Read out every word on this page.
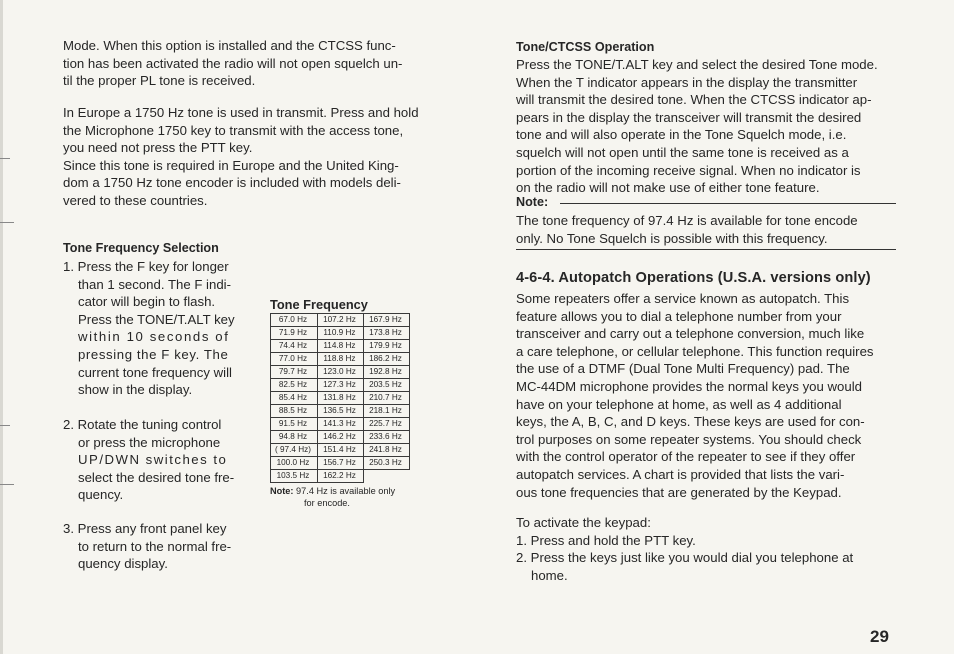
Mode. When this option is installed and the CTCSS func-
tion has been activated the radio will not open squelch un-
til the proper PL tone is received.
In Europe a 1750 Hz tone is used in transmit. Press and hold
the Microphone 1750 key to transmit with the access tone,
you need not press the PTT key.
Since this tone is required in Europe and the United King-
dom a 1750 Hz tone encoder is included with models deli-
vered to these countries.
Tone Frequency Selection
1. Press the F key for longer
than 1 second. The F indi-
cator will begin to flash.
Press the TONE/T.ALT key
within 10 seconds of
pressing the F key. The
current tone frequency will
show in the display.
2. Rotate the tuning control
or press the microphone
UP/DWN switches to
select the desired tone fre-
quency.
3. Press any front panel key
to return to the normal fre-
quency display.
Tone Frequency
67.0 Hz	107.2 Hz	167.9 Hz
71.9 Hz	110.9 Hz	173.8 Hz
74.4 Hz	114.8 Hz	179.9 Hz
77.0 Hz	118.8 Hz	186.2 Hz
79.7 Hz	123.0 Hz	192.8 Hz
82.5 Hz	127.3 Hz	203.5 Hz
85.4 Hz	131.8 Hz	210.7 Hz
88.5 Hz	136.5 Hz	218.1 Hz
91.5 Hz	141.3 Hz	225.7 Hz
94.8 Hz	146.2 Hz	233.6 Hz
( 97.4 Hz)	151.4 Hz	241.8 Hz
100.0 Hz	156.7 Hz	250.3 Hz
103.5 Hz	162.2 Hz	
Note: 97.4 Hz is available only
for encode.
Tone/CTCSS Operation
Press the TONE/T.ALT key and select the desired Tone mode.
When the T indicator appears in the display the transmitter
will transmit the desired tone. When the CTCSS indicator ap-
pears in the display the transceiver will transmit the desired
tone and will also operate in the Tone Squelch mode, i.e.
squelch will not open until the same tone is received as a
portion of the incoming receive signal. When no indicator is
on the radio will not make use of either tone feature.
Note:
The tone frequency of 97.4 Hz is available for tone encode
only. No Tone Squelch is possible with this frequency.
4-6-4. Autopatch Operations (U.S.A. versions only)
Some repeaters offer a service known as autopatch. This
feature allows you to dial a telephone number from your
transceiver and carry out a telephone conversion, much like
a care telephone, or cellular telephone. This function requires
the use of a DTMF (Dual Tone Multi Frequency) pad. The
MC-44DM microphone provides the normal keys you would
have on your telephone at home, as well as 4 additional
keys, the A, B, C, and D keys. These keys are used for con-
trol purposes on some repeater systems. You should check
with the control operator of the repeater to see if they offer
autopatch services. A chart is provided that lists the vari-
ous tone frequencies that are generated by the Keypad.
To activate the keypad:
1. Press and hold the PTT key.
2. Press the keys just like you would dial you telephone at
home.
29
